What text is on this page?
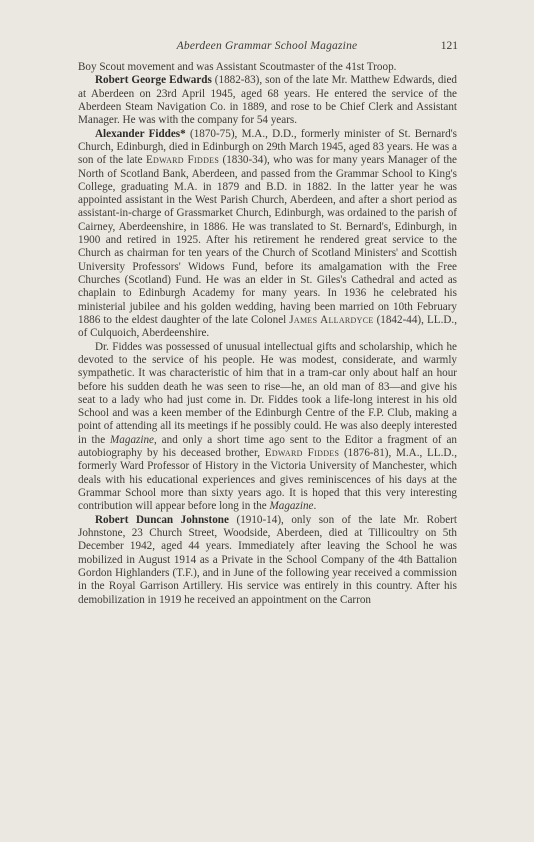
Aberdeen Grammar School Magazine	121

Boy Scout movement and was Assistant Scoutmaster of the 41st Troop.

Robert George Edwards (1882-83), son of the late Mr. Matthew Edwards, died at Aberdeen on 23rd April 1945, aged 68 years. He entered the service of the Aberdeen Steam Navigation Co. in 1889, and rose to be Chief Clerk and Assistant Manager. He was with the company for 54 years.

Alexander Fiddes* (1870-75), M.A., D.D., formerly minister of St. Bernard's Church, Edinburgh, died in Edinburgh on 29th March 1945, aged 83 years. He was a son of the late Edward Fiddes (1830-34), who was for many years Manager of the North of Scotland Bank, Aberdeen, and passed from the Grammar School to King's College, graduating M.A. in 1879 and B.D. in 1882. In the latter year he was appointed assistant in the West Parish Church, Aberdeen, and after a short period as assistant-in-charge of Grassmarket Church, Edinburgh, was ordained to the parish of Cairney, Aberdeenshire, in 1886. He was translated to St. Bernard's, Edinburgh, in 1900 and retired in 1925. After his retirement he rendered great service to the Church as chairman for ten years of the Church of Scotland Ministers' and Scottish University Professors' Widows Fund, before its amalgamation with the Free Churches (Scotland) Fund. He was an elder in St. Giles's Cathedral and acted as chaplain to Edinburgh Academy for many years. In 1936 he celebrated his ministerial jubilee and his golden wedding, having been married on 10th February 1886 to the eldest daughter of the late Colonel James Allardyce (1842-44), LL.D., of Culquoich, Aberdeenshire.

Dr. Fiddes was possessed of unusual intellectual gifts and scholarship, which he devoted to the service of his people. He was modest, considerate, and warmly sympathetic. It was characteristic of him that in a tram-car only about half an hour before his sudden death he was seen to rise—he, an old man of 83—and give his seat to a lady who had just come in. Dr. Fiddes took a life-long interest in his old School and was a keen member of the Edinburgh Centre of the F.P. Club, making a point of attending all its meetings if he possibly could. He was also deeply interested in the Magazine, and only a short time ago sent to the Editor a fragment of an autobiography by his deceased brother, Edward Fiddes (1876-81), M.A., LL.D., formerly Ward Professor of History in the Victoria University of Manchester, which deals with his educational experiences and gives reminiscences of his days at the Grammar School more than sixty years ago. It is hoped that this very interesting contribution will appear before long in the Magazine.

Robert Duncan Johnstone (1910-14), only son of the late Mr. Robert Johnstone, 23 Church Street, Woodside, Aberdeen, died at Tillicoultry on 5th December 1942, aged 44 years. Immediately after leaving the School he was mobilized in August 1914 as a Private in the School Company of the 4th Battalion Gordon Highlanders (T.F.), and in June of the following year received a commission in the Royal Garrison Artillery. His service was entirely in this country. After his demobilization in 1919 he received an appointment on the Carron
